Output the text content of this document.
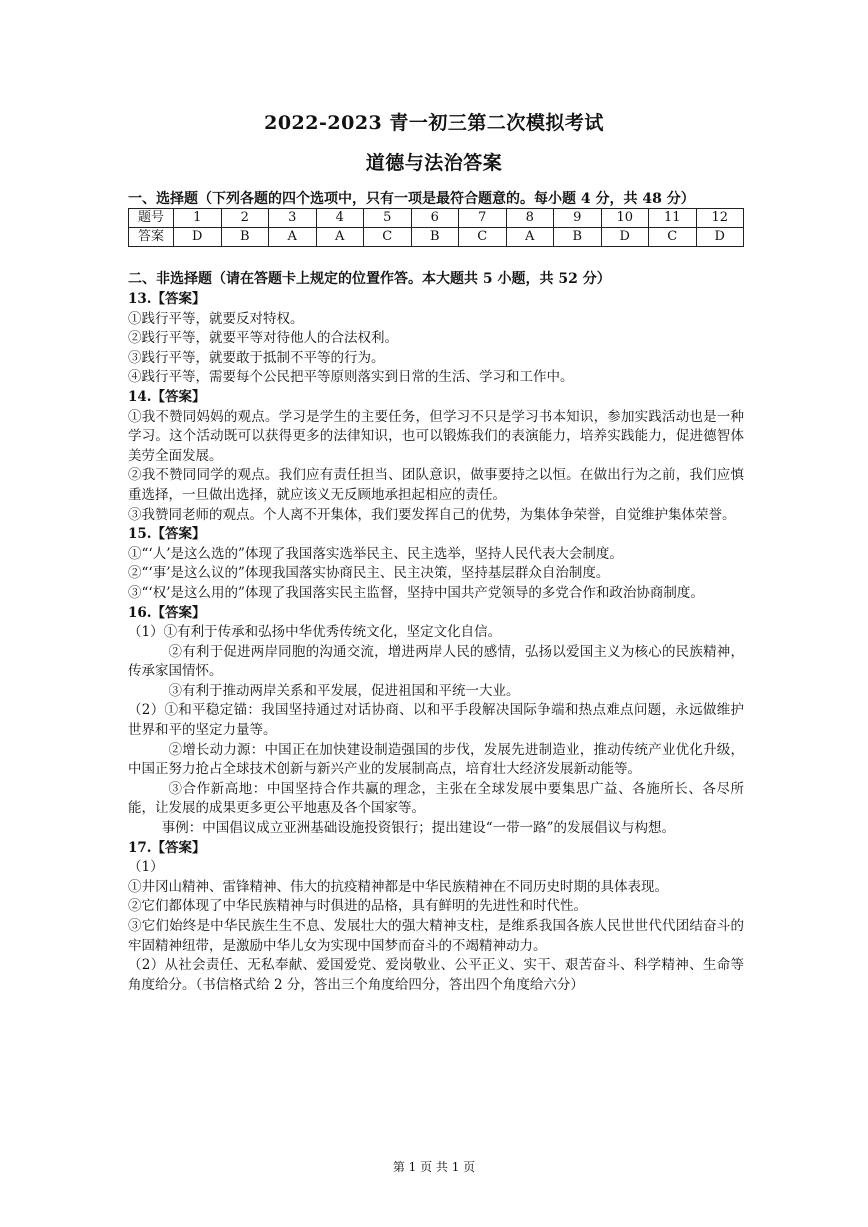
2022-2023 青一初三第二次模拟考试
道德与法治答案
一、选择题（下列各题的四个选项中，只有一项是最符合题意的。每小题 4 分，共 48 分）
题号	1	2	3	4	5	6	7	8	9	10	11	12
答案	D	B	A	A	C	B	C	A	B	D	C	D
二、非选择题（请在答题卡上规定的位置作答。本大题共 5 小题，共 52 分）

13.【答案】

①践行平等，就要反对特权。

②践行平等，就要平等对待他人的合法权利。

③践行平等，就要敢于抵制不平等的行为。

④践行平等，需要每个公民把平等原则落实到日常的生活、学习和工作中。

14.【答案】

①我不赞同妈妈的观点。学习是学生的主要任务，但学习不只是学习书本知识，参加实践活动也是一种学习。这个活动既可以获得更多的法律知识，也可以锻炼我们的表演能力，培养实践能力，促进德智体美劳全面发展。

②我不赞同同学的观点。我们应有责任担当、团队意识，做事要持之以恒。在做出行为之前，我们应慎重选择，一旦做出选择，就应该义无反顾地承担起相应的责任。

③我赞同老师的观点。个人离不开集体，我们要发挥自己的优势，为集体争荣誉，自觉维护集体荣誉。

15.【答案】

①“‘人’是这么选的”体现了我国落实选举民主、民主选举，坚持人民代表大会制度。

②“‘事’是这么议的”体现我国落实协商民主、民主决策，坚持基层群众自治制度。

③“‘权’是这么用的”体现了我国落实民主监督，坚持中国共产党领导的多党合作和政治协商制度。

16.【答案】

（1）①有利于传承和弘扬中华优秀传统文化，坚定文化自信。

②有利于促进两岸同胞的沟通交流，增进两岸人民的感情，弘扬以爱国主义为核心的民族精神，传承家国情怀。

③有利于推动两岸关系和平发展，促进祖国和平统一大业。

（2）①和平稳定锚：我国坚持通过对话协商、以和平手段解决国际争端和热点难点问题，永远做维护世界和平的坚定力量等。

②增长动力源：中国正在加快建设制造强国的步伐，发展先进制造业，推动传统产业优化升级，中国正努力抢占全球技术创新与新兴产业的发展制高点，培育壮大经济发展新动能等。

③合作新高地：中国坚持合作共赢的理念，主张在全球发展中要集思广益、各施所长、各尽所能，让发展的成果更多更公平地惠及各个国家等。

事例：中国倡议成立亚洲基础设施投资银行；提出建设“一带一路”的发展倡议与构想。

17.【答案】

（1）

①井冈山精神、雷锋精神、伟大的抗疫精神都是中华民族精神在不同历史时期的具体表现。

②它们都体现了中华民族精神与时俱进的品格，具有鲜明的先进性和时代性。

③它们始终是中华民族生生不息、发展壮大的强大精神支柱，是维系我国各族人民世世代代团结奋斗的牢固精神纽带，是激励中华儿女为实现中国梦而奋斗的不竭精神动力。

（2）从社会责任、无私奉献、爱国爱党、爱岗敬业、公平正义、实干、艰苦奋斗、科学精神、生命等角度给分。（书信格式给 2 分，答出三个角度给四分，答出四个角度给六分）

第 1 页 共 1 页
